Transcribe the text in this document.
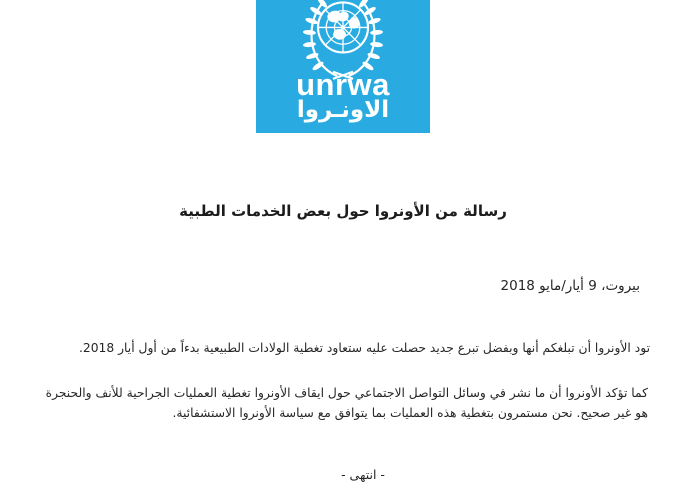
unrwa
الاونـروا
رسالة من الأونروا حول بعض الخدمات الطبية
بيروت، 9 أيار/مايو 2018
تود الأونروا أن تبلغكم أنها وبفضل تبرع جديد حصلت عليه ستعاود تغطية الولادات الطبيعية بدءاً من أول أيار 2018.
كما تؤكد الأونروا أن ما نشر في وسائل التواصل الاجتماعي حول ايقاف الأونروا تغطية العمليات الجراحية للأنف والحنجرة
هو غير صحيح. نحن مستمرون بتغطية هذه العمليات بما يتوافق مع سياسة الأونروا الاستشفائية.
- انتهى -
